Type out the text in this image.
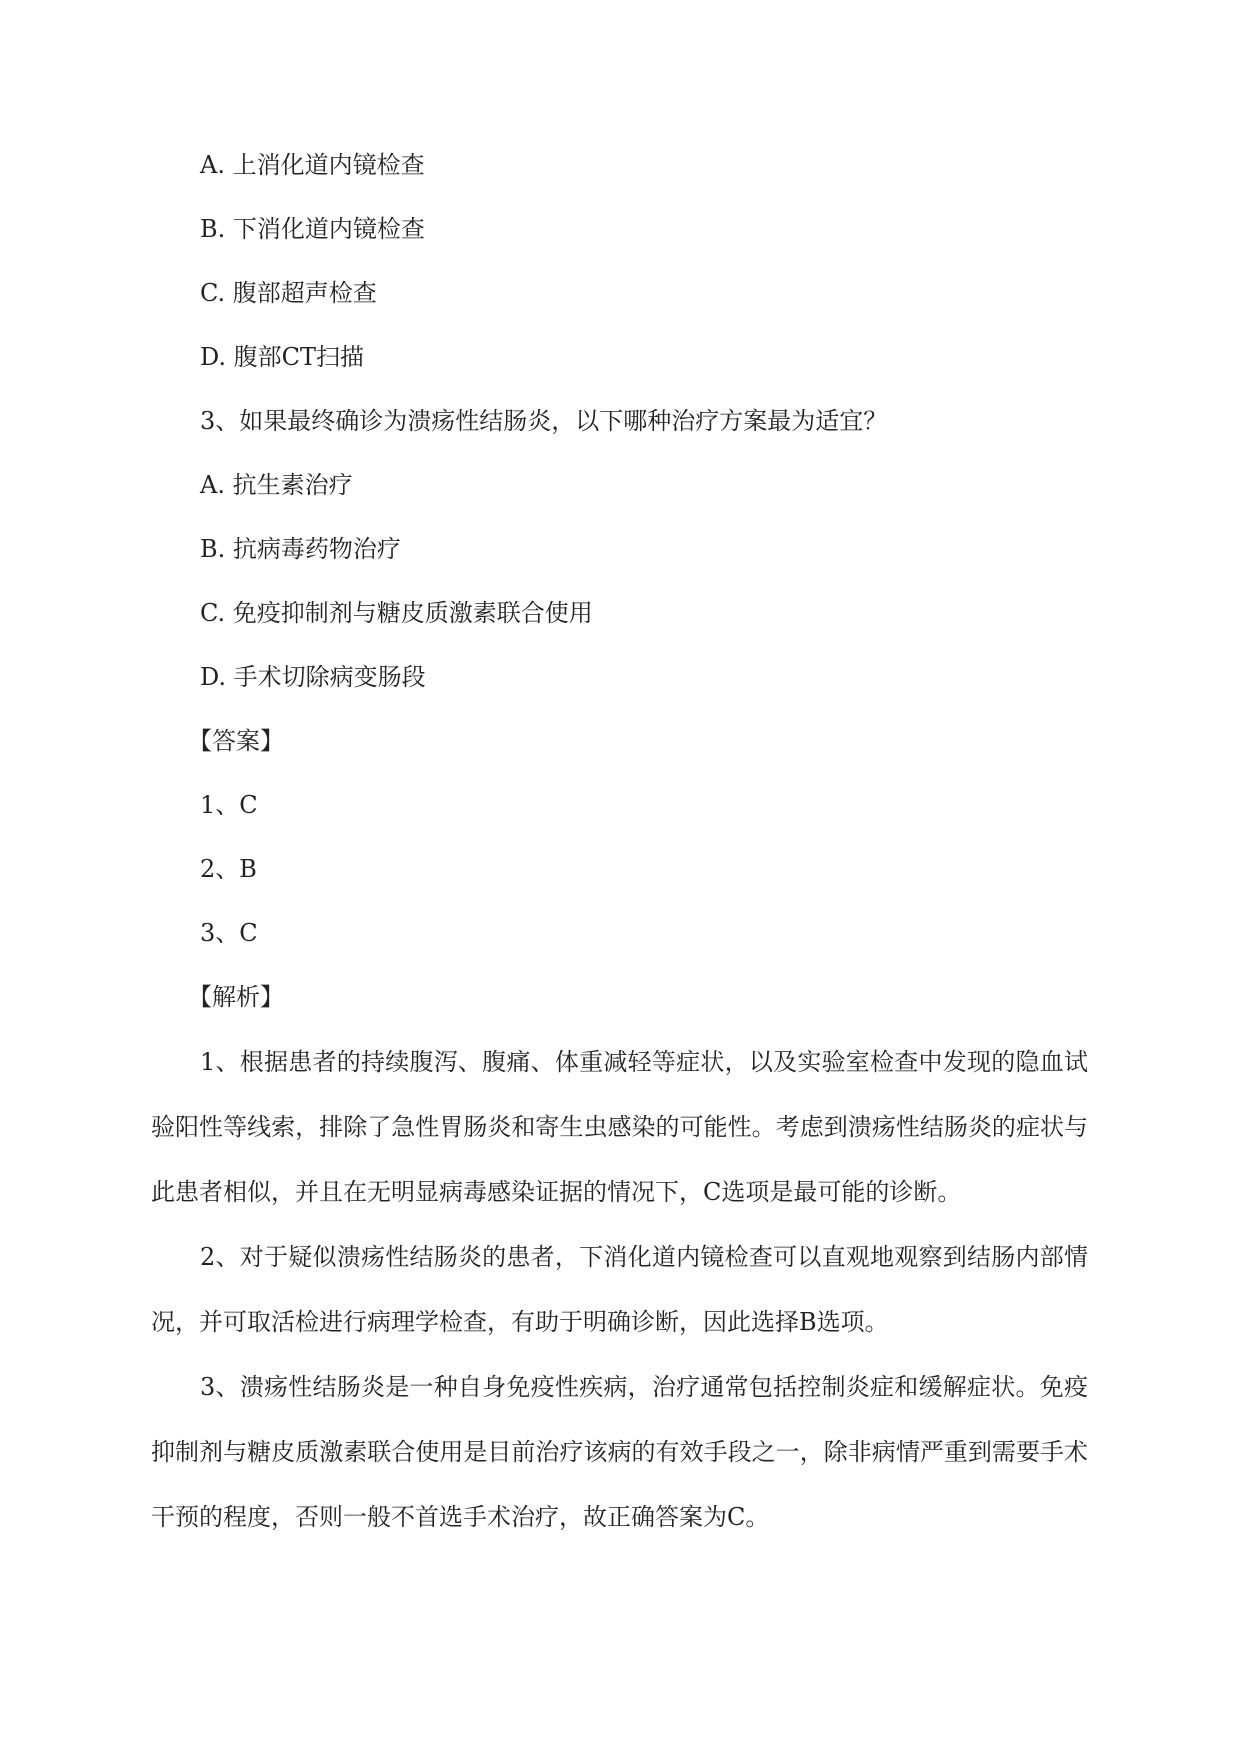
A. 上消化道内镜检查
B. 下消化道内镜检查
C. 腹部超声检查
D. 腹部CT扫描
3、如果最终确诊为溃疡性结肠炎，以下哪种治疗方案最为适宜？
A. 抗生素治疗
B. 抗病毒药物治疗
C. 免疫抑制剂与糖皮质激素联合使用
D. 手术切除病变肠段
【答案】
1、C
2、B
3、C
【解析】
1、根据患者的持续腹泻、腹痛、体重减轻等症状，以及实验室检查中发现的隐血试验阳性等线索，排除了急性胃肠炎和寄生虫感染的可能性。考虑到溃疡性结肠炎的症状与此患者相似，并且在无明显病毒感染证据的情况下，C选项是最可能的诊断。
2、对于疑似溃疡性结肠炎的患者，下消化道内镜检查可以直观地观察到结肠内部情况，并可取活检进行病理学检查，有助于明确诊断，因此选择B选项。
3、溃疡性结肠炎是一种自身免疫性疾病，治疗通常包括控制炎症和缓解症状。免疫抑制剂与糖皮质激素联合使用是目前治疗该病的有效手段之一，除非病情严重到需要手术干预的程度，否则一般不首选手术治疗，故正确答案为C。
